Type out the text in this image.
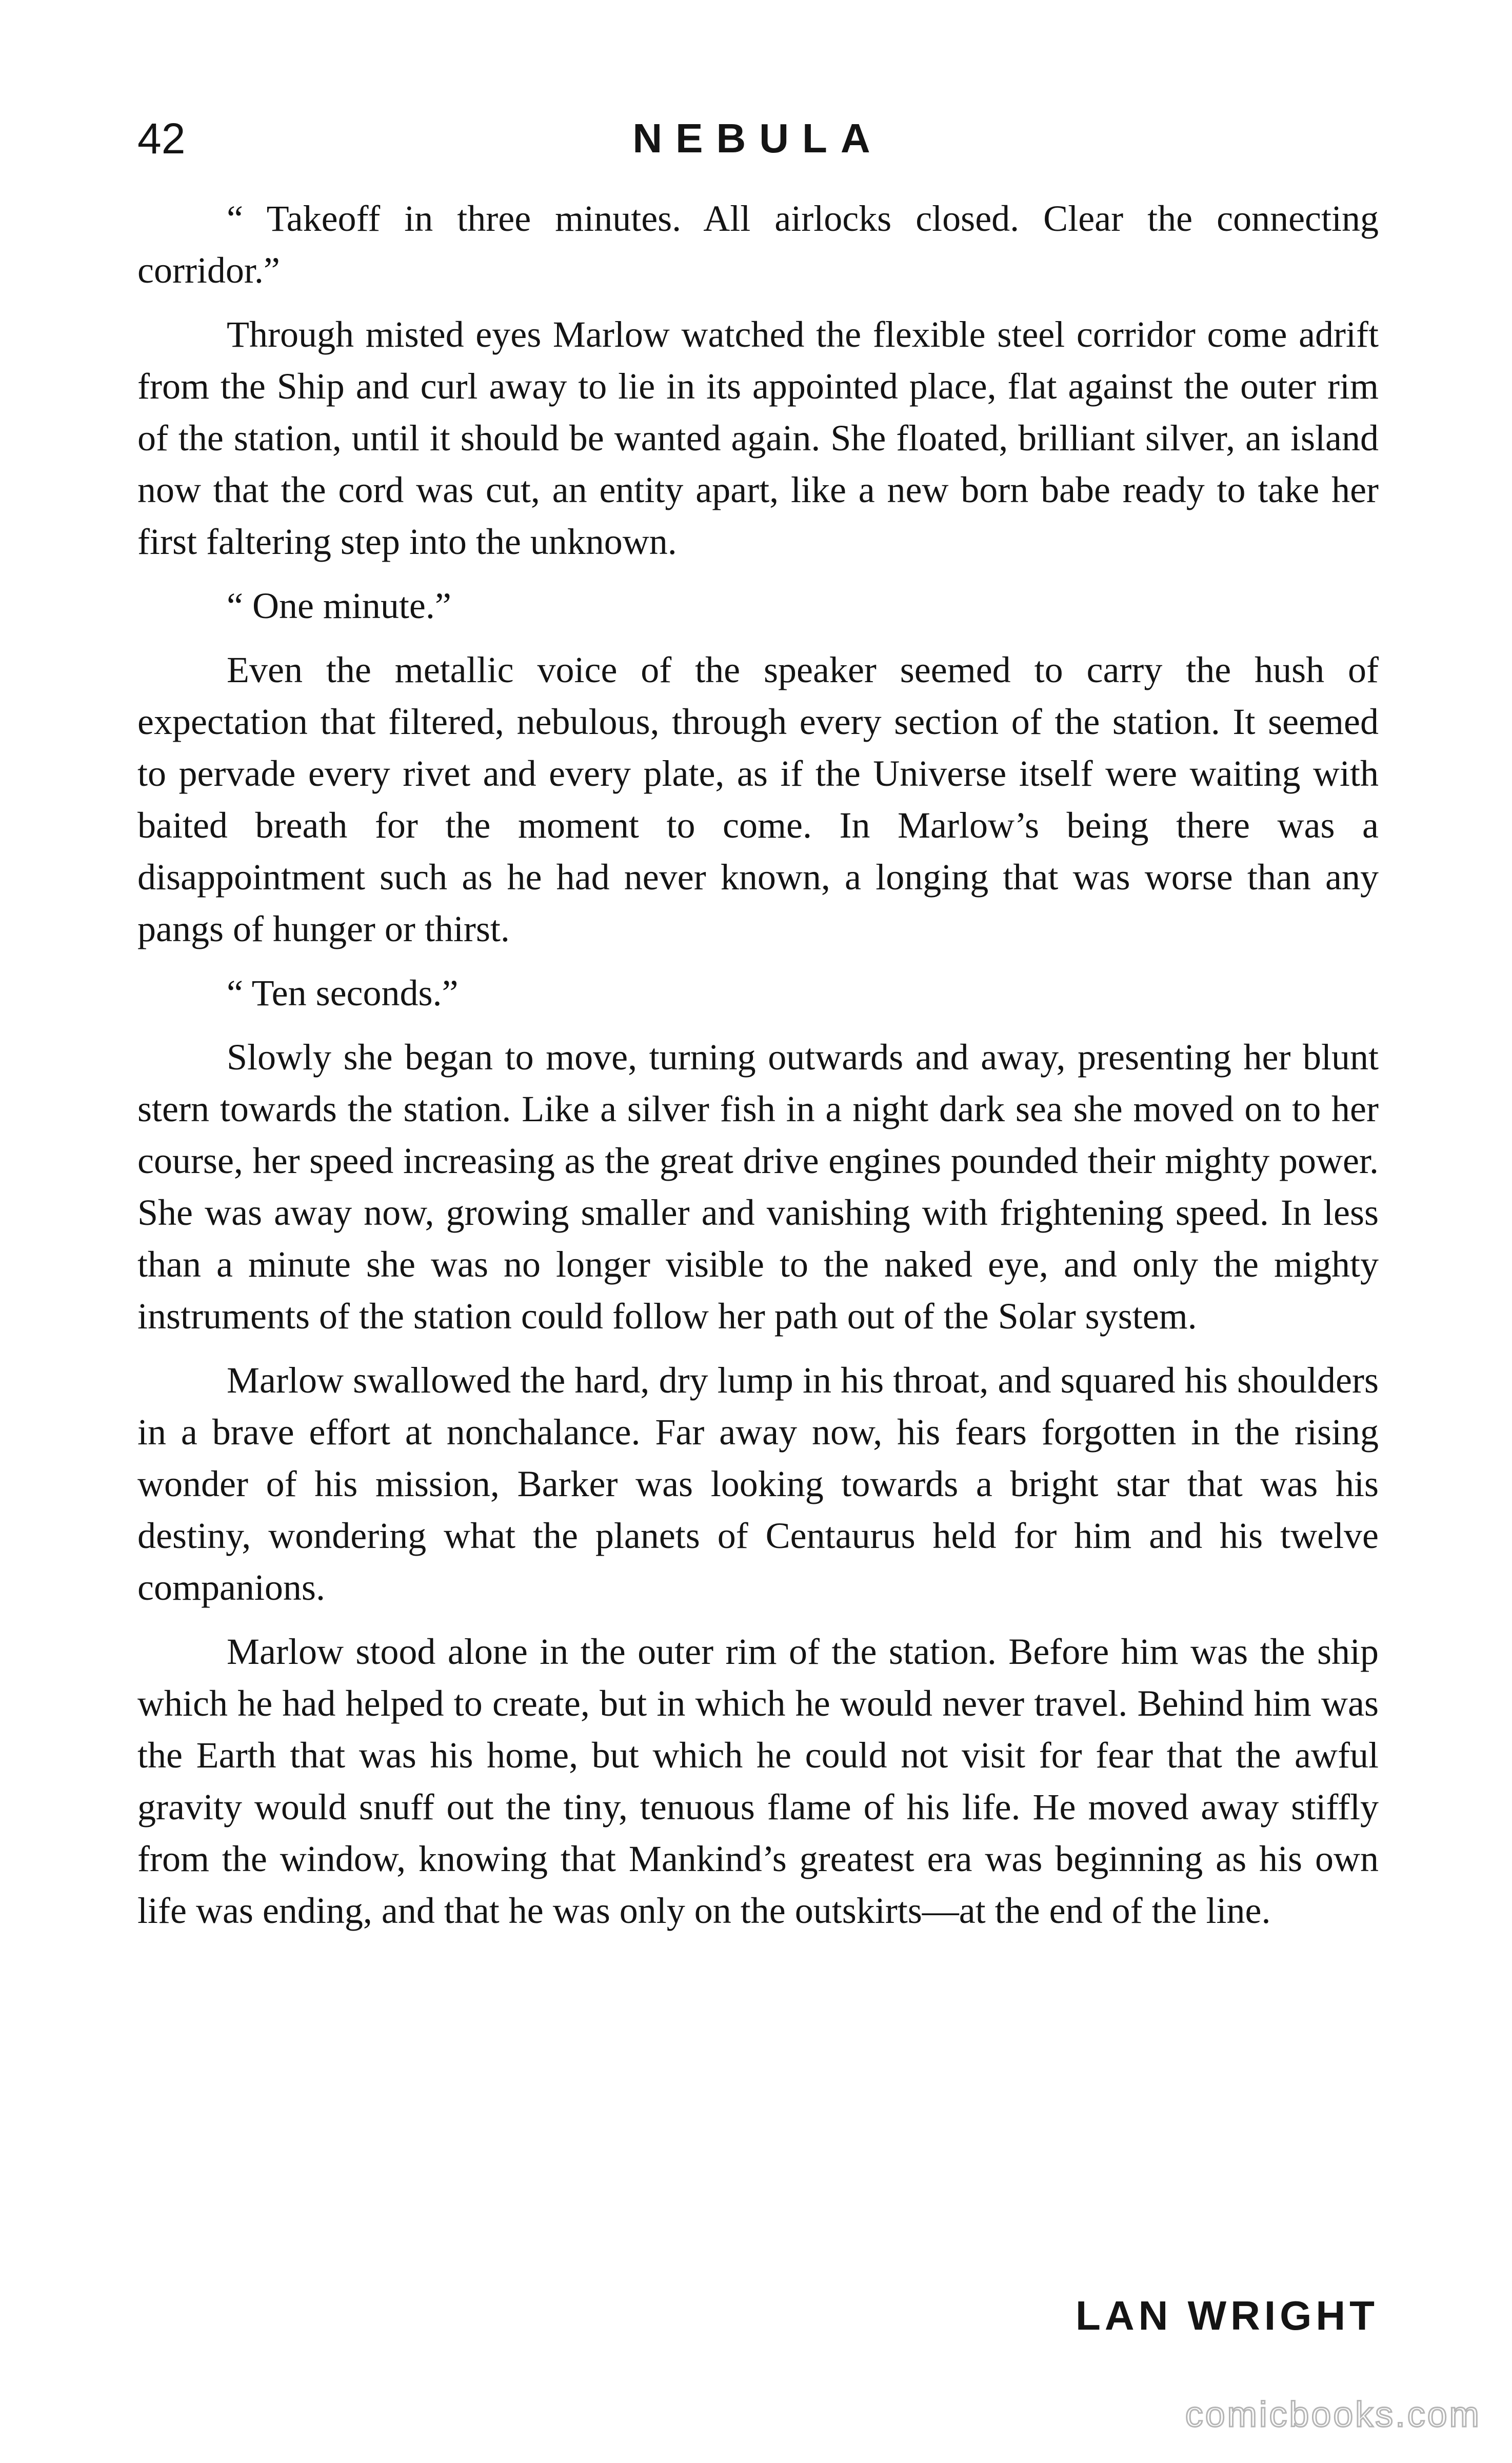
42	NEBULA

“ Takeoff in three minutes. All airlocks closed. Clear the connecting corridor.”

Through misted eyes Marlow watched the flexible steel corridor come adrift from the Ship and curl away to lie in its appointed place, flat against the outer rim of the station, until it should be wanted again. She floated, brilliant silver, an island now that the cord was cut, an entity apart, like a new born babe ready to take her first faltering step into the unknown.

“ One minute.”

Even the metallic voice of the speaker seemed to carry the hush of expectation that filtered, nebulous, through every section of the station. It seemed to pervade every rivet and every plate, as if the Universe itself were waiting with baited breath for the moment to come. In Marlow’s being there was a disappointment such as he had never known, a longing that was worse than any pangs of hunger or thirst.

“ Ten seconds.”

Slowly she began to move, turning outwards and away, presenting her blunt stern towards the station. Like a silver fish in a night dark sea she moved on to her course, her speed increasing as the great drive engines pounded their mighty power. She was away now, growing smaller and vanishing with frightening speed. In less than a minute she was no longer visible to the naked eye, and only the mighty instruments of the station could follow her path out of the Solar system.

Marlow swallowed the hard, dry lump in his throat, and squared his shoulders in a brave effort at nonchalance. Far away now, his fears forgotten in the rising wonder of his mission, Barker was looking towards a bright star that was his destiny, wondering what the planets of Centaurus held for him and his twelve companions.

Marlow stood alone in the outer rim of the station. Before him was the ship which he had helped to create, but in which he would never travel. Behind him was the Earth that was his home, but which he could not visit for fear that the awful gravity would snuff out the tiny, tenuous flame of his life. He moved away stiffly from the window, knowing that Mankind’s greatest era was beginning as his own life was ending, and that he was only on the outskirts—at the end of the line.

LAN WRIGHT
comicbooks.com
